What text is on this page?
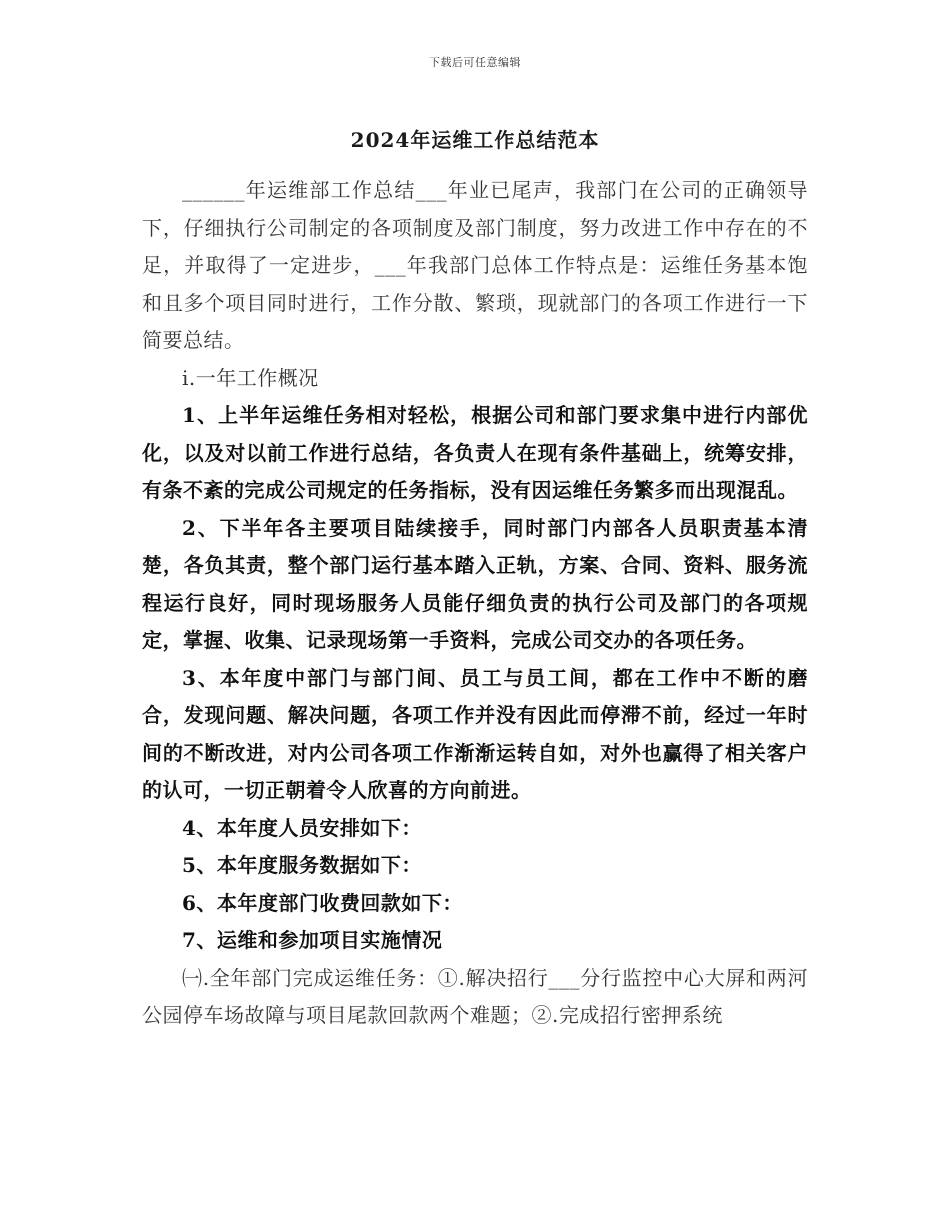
下载后可任意编辑
2024年运维工作总结范本

______年运维部工作总结___年业已尾声，我部门在公司的正确领导下，仔细执行公司制定的各项制度及部门制度，努力改进工作中存在的不足，并取得了一定进步，___年我部门总体工作特点是：运维任务基本饱和且多个项目同时进行，工作分散、繁琐，现就部门的各项工作进行一下简要总结。

ⅰ.一年工作概况

1、上半年运维任务相对轻松，根据公司和部门要求集中进行内部优化，以及对以前工作进行总结，各负责人在现有条件基础上，统筹安排，有条不紊的完成公司规定的任务指标，没有因运维任务繁多而出现混乱。

2、下半年各主要项目陆续接手，同时部门内部各人员职责基本清楚，各负其责，整个部门运行基本踏入正轨，方案、合同、资料、服务流程运行良好，同时现场服务人员能仔细负责的执行公司及部门的各项规定，掌握、收集、记录现场第一手资料，完成公司交办的各项任务。

3、本年度中部门与部门间、员工与员工间，都在工作中不断的磨合，发现问题、解决问题，各项工作并没有因此而停滞不前，经过一年时间的不断改进，对内公司各项工作渐渐运转自如，对外也赢得了相关客户的认可，一切正朝着令人欣喜的方向前进。

4、本年度人员安排如下：

5、本年度服务数据如下：

6、本年度部门收费回款如下：

7、运维和参加项目实施情况

㈠.全年部门完成运维任务：①.解决招行___分行监控中心大屏和两河公园停车场故障与项目尾款回款两个难题；②.完成招行密押系统
